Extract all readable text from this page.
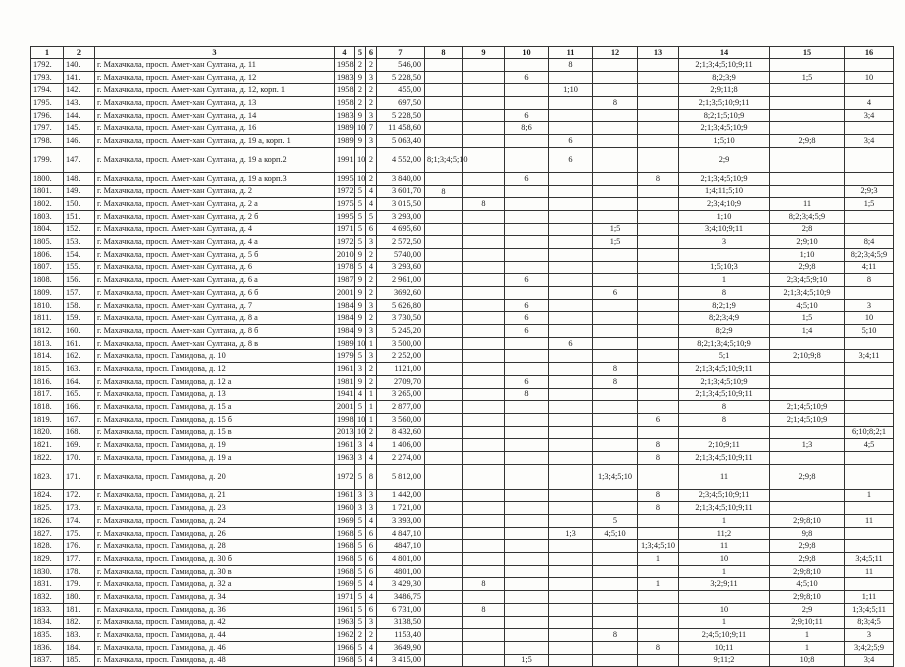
1	2	3	4	5	6	7	8	9	10	11	12	13	14	15	16
1792.	140.	г. Махачкала, просп. Амет-хан Султана, д. 11	1958	2	2	546,00				8			2;1;3;4;5;10;9;11		
1793.	141.	г. Махачкала, просп. Амет-хан Султана, д. 12	1983	9	3	5 228,50			6				8;2;3;9	1;5	10
1794.	142.	г. Махачкала, просп. Амет-хан Султана, д. 12, корп. 1	1958	2	2	455,00				1;10			2;9;11;8		
1795.	143.	г. Махачкала, просп. Амет-хан Султана, д. 13	1958	2	2	697,50					8		2;1;3;5;10;9;11		4
1796.	144.	г. Махачкала, просп. Амет-хан Султана, д. 14	1983	9	3	5 228,50			6				8;2;1;5;10;9		3;4
1797.	145.	г. Махачкала, просп. Амет-хан Султана, д. 16	1989	10	7	11 458,60			8;6				2;1;3;4;5;10;9		
1798.	146.	г. Махачкала, просп. Амет-хан Султана, д. 19 а, корп. 1	1989	9	3	5 063,40				6			1;5;10	2;9;8	3;4
1799.	147.	г. Махачкала, просп. Амет-хан Султана, д. 19 а корп.2	1991	10	2	4 552,00	8;1;3;4;5;10			6			2;9		
1800.	148.	г. Махачкала, просп. Амет-хан Султана, д. 19 а корп.3	1995	10	2	3 840,00			6			8	2;1;3;4;5;10;9		
1801.	149.	г. Махачкала, просп. Амет-хан Султана, д. 2	1972	5	4	3 601,70	8						1;4;11;5;10		2;9;3
1802.	150.	г. Махачкала, просп. Амет-хан Султана, д. 2 а	1975	5	4	3 015,50		8					2;3;4;10;9	11	1;5
1803.	151.	г. Махачкала, просп. Амет-хан Султана, д. 2 б	1995	5	5	3 293,00							1;10	8;2;3;4;5;9	
1804.	152.	г. Махачкала, просп. Амет-хан Султана, д. 4	1971	5	6	4 695,60					1;5		3;4;10;9;11	2;8	
1805.	153.	г. Махачкала, просп. Амет-хан Султана, д. 4 а	1972	5	3	2 572,50					1;5		3	2;9;10	8;4
1806.	154.	г. Махачкала, просп. Амет-хан Султана, д. 5 б	2010	9	2	5740,00								1;10	8;2;3;4;5;9
1807.	155.	г. Махачкала, просп. Амет-хан Султана, д. 6	1978	5	4	3 293,60							1;5;10;3	2;9;8	4;11
1808.	156.	г. Махачкала, просп. Амет-хан Султана, д. 6 а	1987	9	2	2 961,00			6				1	2;3;4;5;9;10	8
1809.	157.	г. Махачкала, просп. Амет-хан Султана, д. 6 б	2001	9	2	3692,60					6		8	2;1;3;4;5;10;9	
1810.	158.	г. Махачкала, просп. Амет-хан Султана, д. 7	1984	9	3	5 626,80			6				8;2;1;9	4;5;10	3
1811.	159.	г. Махачкала, просп. Амет-хан Султана, д. 8 а	1984	9	2	3 730,50			6				8;2;3;4;9	1;5	10
1812.	160.	г. Махачкала, просп. Амет-хан Султана, д. 8 б	1984	9	3	5 245,20			6				8;2;9	1;4	5;10
1813.	161.	г. Махачкала, просп. Амет-хан Султана, д. 8 в	1989	10	1	3 500,00				6			8;2;1;3;4;5;10;9		
1814.	162.	г. Махачкала, просп. Гамидова, д. 10	1979	5	3	2 252,00							5;1	2;10;9;8	3;4;11
1815.	163.	г. Махачкала, просп. Гамидова, д. 12	1961	3	2	1121,00					8		2;1;3;4;5;10;9;11		
1816.	164.	г. Махачкала, просп. Гамидова, д. 12 а	1981	9	2	2709,70			6		8		2;1;3;4;5;10;9		
1817.	165.	г. Махачкала, просп. Гамидова, д. 13	1941	4	1	3 265,00			8				2;1;3;4;5;10;9;11		
1818.	166.	г. Махачкала, просп. Гамидова, д. 15 а	2001	5	1	2 877,00							8	2;1;4;5;10;9	
1819.	167.	г. Махачкала, просп. Гамидова, д. 15 б	1998	10	1	3 560,00						6	8	2;1;4;5;10;9	
1820.	168.	г. Махачкала, просп. Гамидова, д. 15 в	2013	10	2	8 432,60									6;10;8;2;1
1821.	169.	г. Махачкала, просп. Гамидова, д. 19	1961	3	4	1 406,00						8	2;10;9;11	1;3	4;5
1822.	170.	г. Махачкала, просп. Гамидова, д. 19 а	1963	3	4	2 274,00						8	2;1;3;4;5;10;9;11		
1823.	171.	г. Махачкала, просп. Гамидова, д. 20	1972	5	8	5 812,00					1;3;4;5;10		11	2;9;8	
1824.	172.	г. Махачкала, просп. Гамидова, д. 21	1961	3	3	1 442,00						8	2;3;4;5;10;9;11		1
1825.	173.	г. Махачкала, просп. Гамидова, д. 23	1960	3	3	1 721,00						8	2;1;3;4;5;10;9;11		
1826.	174.	г. Махачкала, просп. Гамидова, д. 24	1969	5	4	3 393,00					5		1	2;9;8;10	11
1827.	175.	г. Махачкала, просп. Гамидова, д. 26	1968	5	6	4 847,10				1;3	4;5;10		11;2	9;8	
1828.	176.	г. Махачкала, просп. Гамидова, д. 28	1968	5	6	4847,10						1;3;4;5;10	11	2;9;8	
1829.	177.	г. Махачкала, просп. Гамидова, д. 30 б	1968	5	6	4 801,00						1	10	2;9;8	3;4;5;11
1830.	178.	г. Махачкала, просп. Гамидова, д. 30 в	1968	5	6	4801,00							1	2;9;8;10	11
1831.	179.	г. Махачкала, просп. Гамидова, д. 32 а	1969	5	4	3 429,30		8				1	3;2;9;11	4;5;10	
1832.	180.	г. Махачкала, просп. Гамидова, д. 34	1971	5	4	3486,75								2;9;8;10	1;11
1833.	181.	г. Махачкала, просп. Гамидова, д. 36	1961	5	6	6 731,00		8					10	2;9	1;3;4;5;11
1834.	182.	г. Махачкала, просп. Гамидова, д. 42	1963	5	3	3138,50							1	2;9;10;11	8;3;4;5
1835.	183.	г. Махачкала, просп. Гамидова, д. 44	1962	2	2	1153,40					8		2;4;5;10;9;11	1	3
1836.	184.	г. Махачкала, просп. Гамидова, д. 46	1966	5	4	3649,90						8	10;11	1	3;4;2;5;9
1837.	185.	г. Махачкала, просп. Гамидова, д. 48	1968	5	4	3 415,00			1;5				9;11;2	10;8	3;4
